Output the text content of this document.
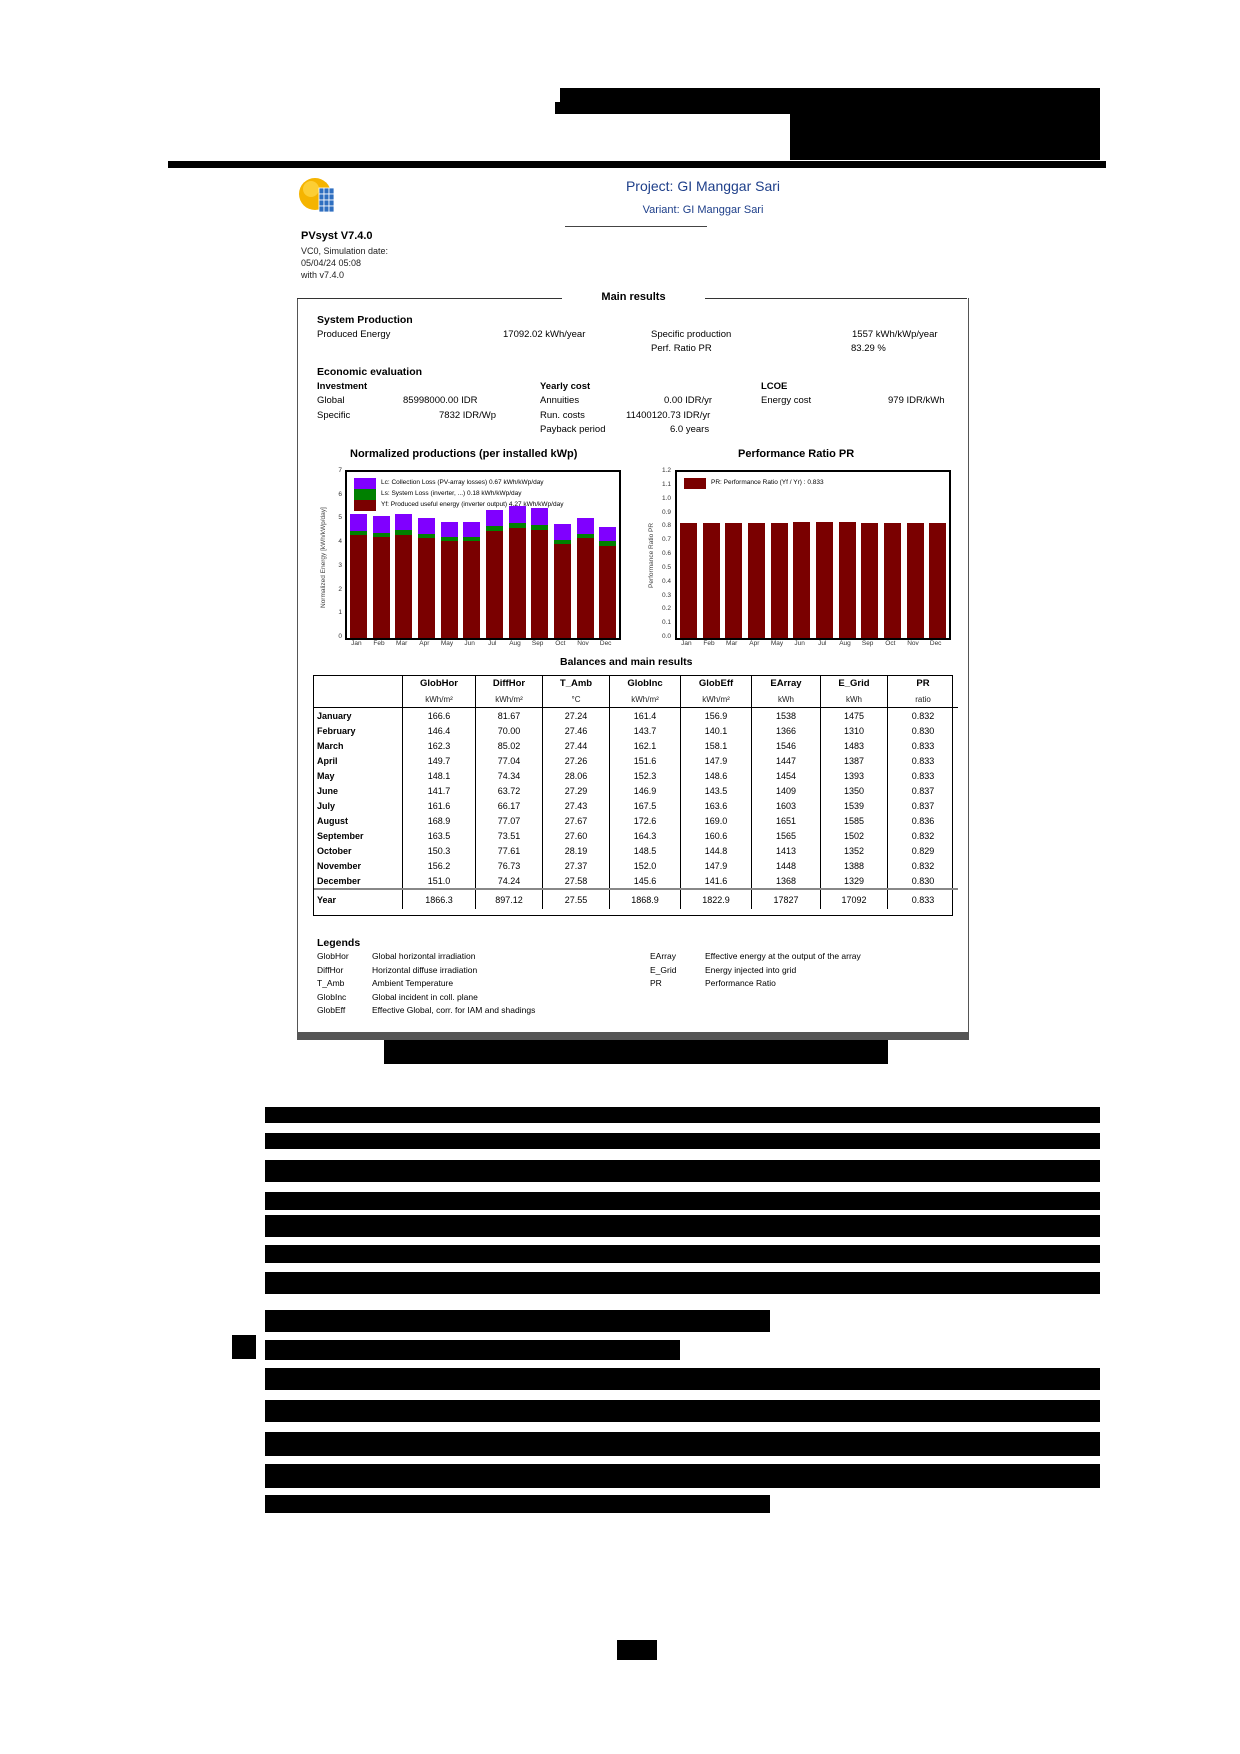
PVsyst V7.4.0
VC0, Simulation date:
05/04/24 05:08
with v7.4.0
Project: GI Manggar Sari
Variant: GI Manggar Sari
Main results
System Production
Produced Energy	17092.02 kWh/year	Specific production	1557 kWh/kWp/year
Perf. Ratio PR	83.29 %
Economic evaluation
Investment
Global	85998000.00 IDR
Specific	7832 IDR/Wp
Yearly cost
Annuities	0.00 IDR/yr
Run. costs	11400120.73 IDR/yr
Payback period	6.0 years
LCOE
Energy cost	979 IDR/kWh
Normalized productions (per installed kWp)
Normalized Energy [kWh/kWp/day]
0
1
2
3
4
5
6
7
Jan	Feb	Mar	Apr	May	Jun	Jul	Aug	Sep	Oct	Nov	Dec
Lc: Collection Loss (PV-array losses) 0.67 kWh/kWp/day
Ls: System Loss (inverter, ...) 0.18 kWh/kWp/day
Yf: Produced useful energy (inverter output) 4.27 kWh/kWp/day
Performance Ratio PR
Performance Ratio PR
0.0
0.1
0.2
0.3
0.4
0.5
0.6
0.7
0.8
0.9
1.0
1.1
1.2
Jan	Feb	Mar	Apr	May	Jun	Jul	Aug	Sep	Oct	Nov	Dec
PR: Performance Ratio (Yf / Yr) : 0.833
Balances and main results
	GlobHor	DiffHor	T_Amb	GlobInc	GlobEff	EArray	E_Grid	PR
	kWh/m²	kWh/m²	°C	kWh/m²	kWh/m²	kWh	kWh	ratio
January	166.6	81.67	27.24	161.4	156.9	1538	1475	0.832
February	146.4	70.00	27.46	143.7	140.1	1366	1310	0.830
March	162.3	85.02	27.44	162.1	158.1	1546	1483	0.833
April	149.7	77.04	27.26	151.6	147.9	1447	1387	0.833
May	148.1	74.34	28.06	152.3	148.6	1454	1393	0.833
June	141.7	63.72	27.29	146.9	143.5	1409	1350	0.837
July	161.6	66.17	27.43	167.5	163.6	1603	1539	0.837
August	168.9	77.07	27.67	172.6	169.0	1651	1585	0.836
September	163.5	73.51	27.60	164.3	160.6	1565	1502	0.832
October	150.3	77.61	28.19	148.5	144.8	1413	1352	0.829
November	156.2	76.73	27.37	152.0	147.9	1448	1388	0.832
December	151.0	74.24	27.58	145.6	141.6	1368	1329	0.830
Year	1866.3	897.12	27.55	1868.9	1822.9	17827	17092	0.833
Legends
GlobHor	Global horizontal irradiation
DiffHor	Horizontal diffuse irradiation
T_Amb	Ambient Temperature
GlobInc	Global incident in coll. plane
GlobEff	Effective Global, corr. for IAM and shadings
EArray	Effective energy at the output of the array
E_Grid	Energy injected into grid
PR	Performance Ratio
